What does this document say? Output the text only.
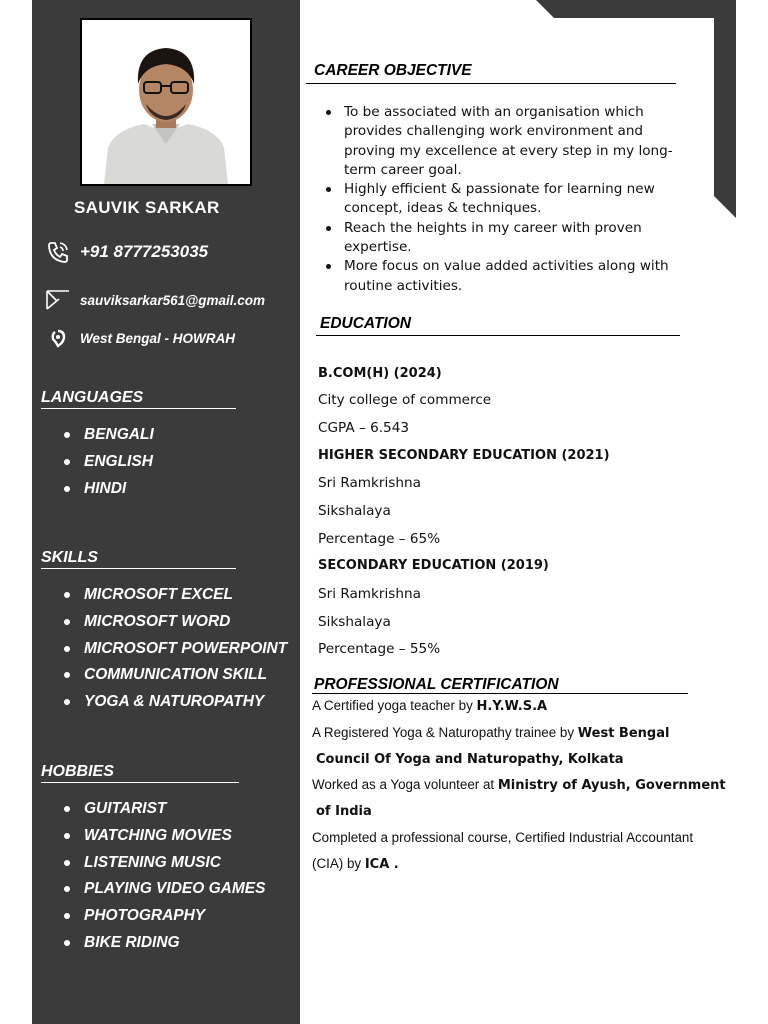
SAUVIK SARKAR
+91 8777253035
sauviksarkar561@gmail.com
West Bengal - HOWRAH
LANGUAGES
BENGALI
ENGLISH
HINDI
SKILLS
MICROSOFT EXCEL
MICROSOFT WORD
MICROSOFT POWERPOINT
COMMUNICATION SKILL
YOGA & NATUROPATHY
HOBBIES
GUITARIST
WATCHING MOVIES
LISTENING MUSIC
PLAYING VIDEO GAMES
PHOTOGRAPHY
BIKE RIDING
CAREER OBJECTIVE
To be associated with an organisation which provides challenging work environment and proving my excellence at every step in my long-term career goal.
Highly efficient & passionate for learning new concept, ideas & techniques.
Reach the heights in my career with proven expertise.
More focus on value added activities along with routine activities.
EDUCATION
B.COM(H) (2024)
City college of commerce
CGPA – 6.543
HIGHER SECONDARY EDUCATION (2021)
Sri Ramkrishna
Sikshalaya
Percentage – 65%
SECONDARY EDUCATION (2019)
Sri Ramkrishna
Sikshalaya
Percentage – 55%
PROFESSIONAL CERTIFICATION
A Certified yoga teacher by H.Y.W.S.A
A Registered Yoga & Naturopathy trainee by West Bengal
Council Of Yoga and Naturopathy, Kolkata
Worked as a Yoga volunteer at Ministry of Ayush, Government
of India
Completed a professional course, Certified Industrial Accountant
(CIA) by ICA .
